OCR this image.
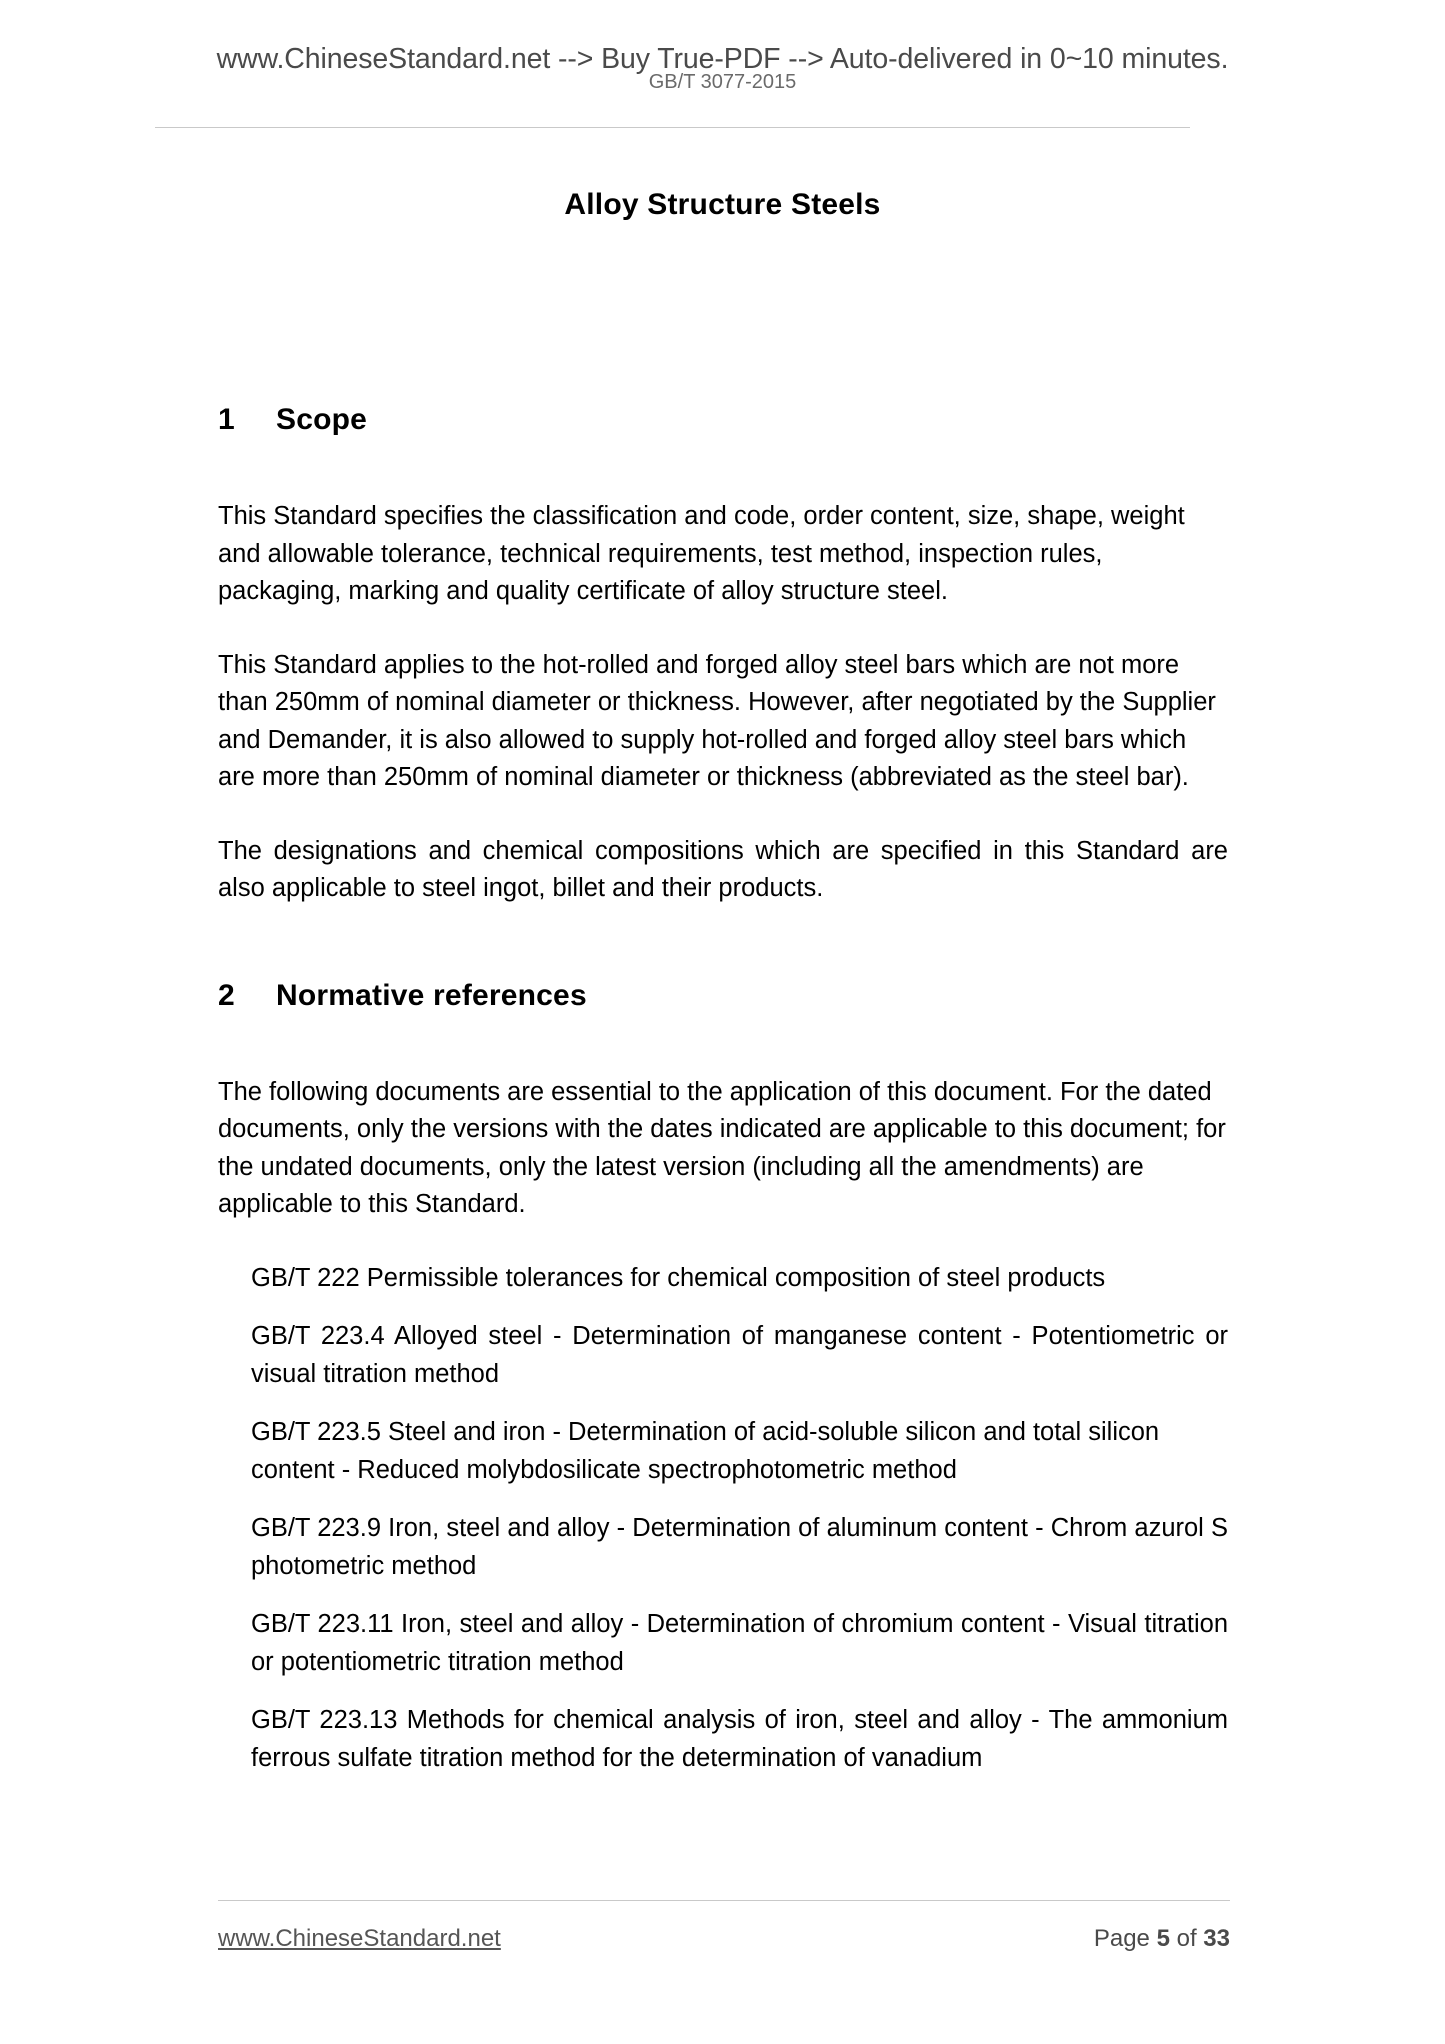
www.ChineseStandard.net --> Buy True-PDF --> Auto-delivered in 0~10 minutes.
GB/T 3077-2015
Alloy Structure Steels
1 Scope

This Standard specifies the classification and code, order content, size, shape, weight and allowable tolerance, technical requirements, test method, inspection rules, packaging, marking and quality certificate of alloy structure steel.

This Standard applies to the hot-rolled and forged alloy steel bars which are not more than 250mm of nominal diameter or thickness. However, after negotiated by the Supplier and Demander, it is also allowed to supply hot-rolled and forged alloy steel bars which are more than 250mm of nominal diameter or thickness (abbreviated as the steel bar).

The designations and chemical compositions which are specified in this Standard are also applicable to steel ingot, billet and their products.

2 Normative references

The following documents are essential to the application of this document. For the dated documents, only the versions with the dates indicated are applicable to this document; for the undated documents, only the latest version (including all the amendments) are applicable to this Standard.

GB/T 222 Permissible tolerances for chemical composition of steel products
GB/T 223.4 Alloyed steel - Determination of manganese content - Potentiometric or visual titration method
GB/T 223.5 Steel and iron - Determination of acid-soluble silicon and total silicon content - Reduced molybdosilicate spectrophotometric method
GB/T 223.9 Iron, steel and alloy - Determination of aluminum content - Chrom azurol S photometric method
GB/T 223.11 Iron, steel and alloy - Determination of chromium content - Visual titration or potentiometric titration method
GB/T 223.13 Methods for chemical analysis of iron, steel and alloy - The ammonium ferrous sulfate titration method for the determination of vanadium
www.ChineseStandard.net	Page 5 of 33
